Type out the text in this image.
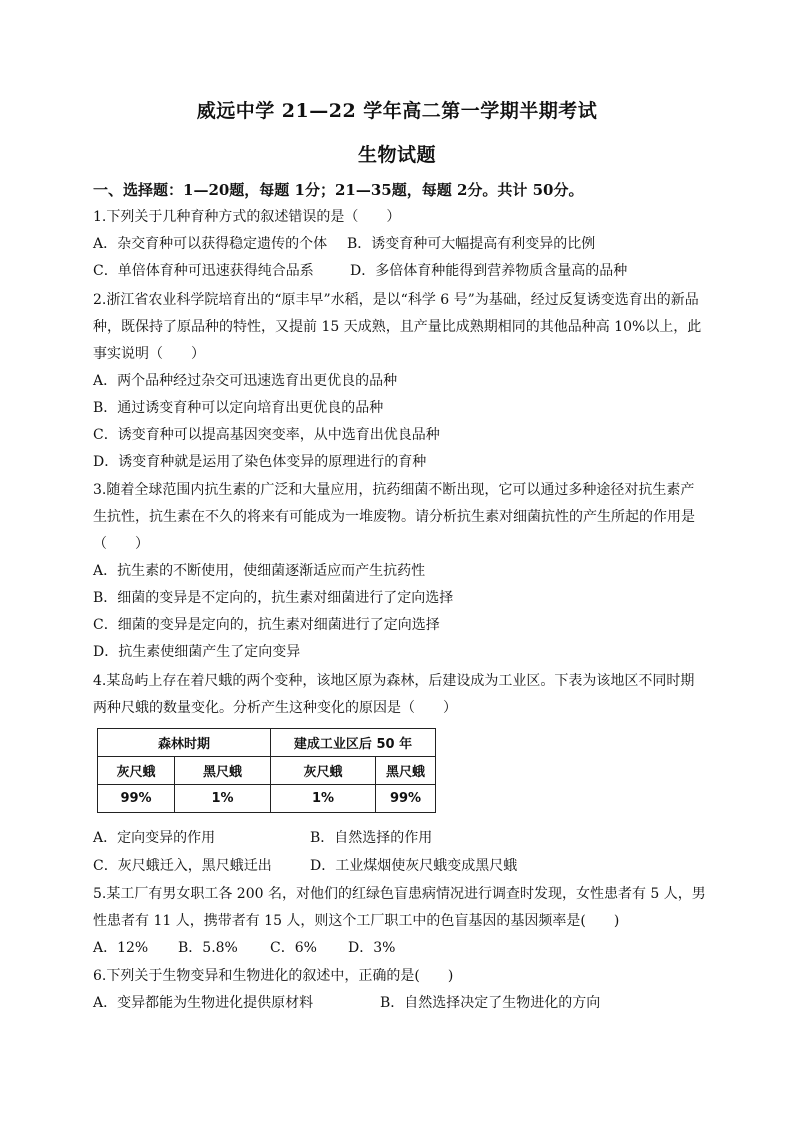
威远中学 21—22 学年高二第一学期半期考试
生物试题
一、选择题：1—20题，每题 1分；21—35题，每题 2分。共计 50分。
1.下列关于几种育种方式的叙述错误的是（　　）
A．杂交育种可以获得稳定遗传的个体 B．诱变育种可大幅提高有利变异的比例
C．单倍体育种可迅速获得纯合品系	D．多倍体育种能得到营养物质含量高的品种
2.浙江省农业科学院培育出的“原丰早”水稻，是以“科学 6 号”为基础，经过反复诱变选育出的新品
种，既保持了原品种的特性，又提前 15 天成熟，且产量比成熟期相同的其他品种高 10%以上，此
事实说明（　　）
A．两个品种经过杂交可迅速选育出更优良的品种
B．通过诱变育种可以定向培育出更优良的品种
C．诱变育种可以提高基因突变率，从中选育出优良品种
D．诱变育种就是运用了染色体变异的原理进行的育种
3.随着全球范围内抗生素的广泛和大量应用，抗药细菌不断出现，它可以通过多种途径对抗生素产
生抗性，抗生素在不久的将来有可能成为一堆废物。请分析抗生素对细菌抗性的产生所起的作用是
（　　）
A．抗生素的不断使用，使细菌逐渐适应而产生抗药性
B．细菌的变异是不定向的，抗生素对细菌进行了定向选择
C．细菌的变异是定向的，抗生素对细菌进行了定向选择
D．抗生素使细菌产生了定向变异
4.某岛屿上存在着尺蛾的两个变种，该地区原为森林，后建设成为工业区。下表为该地区不同时期
两种尺蛾的数量变化。分析产生这种变化的原因是（　　）
森林时期		建成工业区后 50 年	
灰尺蛾	黑尺蛾	灰尺蛾	黑尺蛾
99%	1%	1%	99%
A．定向变异的作用	B．自然选择的作用
C．灰尺蛾迁入，黑尺蛾迁出	D．工业煤烟使灰尺蛾变成黑尺蛾
5.某工厂有男女职工各 200 名，对他们的红绿色盲患病情况进行调查时发现，女性患者有 5 人，男
性患者有 11 人，携带者有 15 人，则这个工厂职工中的色盲基因的基因频率是(　　)
A．12% B．5.8% C．6% D．3%
6.下列关于生物变异和生物进化的叙述中，正确的是(　　)
A．变异都能为生物进化提供原材料	B．自然选择决定了生物进化的方向
